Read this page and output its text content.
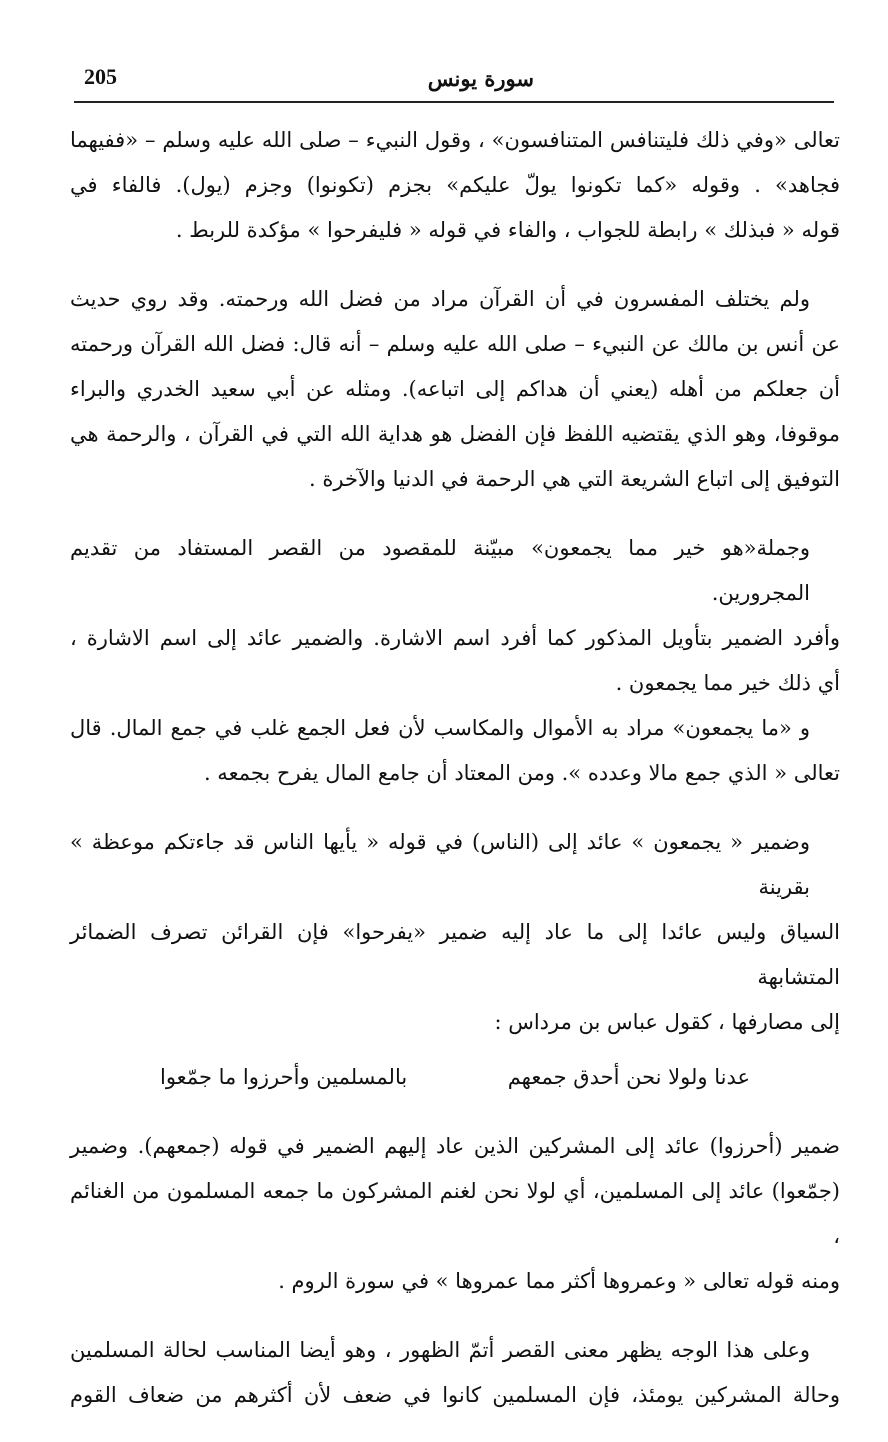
205	سورة يونس

تعالى «وفي ذلك فليتنافس المتنافسون» ، وقول النبيء – صلى الله عليه وسلم – «ففيهما
فجاهد» . وقوله «كما تكونوا يولّ عليكم» بجزم (تكونوا) وجزم (يول). فالفاء في
قوله « فبذلك » رابطة للجواب ، والفاء في قوله « فليفرحوا » مؤكدة للربط .

ولم يختلف المفسرون في أن القرآن مراد من فضل الله ورحمته. وقد روي حديث
عن أنس بن مالك عن النبيء – صلى الله عليه وسلم – أنه قال: فضل الله القرآن ورحمته
أن جعلكم من أهله (يعني أن هداكم إلى اتباعه). ومثله عن أبي سعيد الخدري والبراء
موقوفا، وهو الذي يقتضيه اللفظ فإن الفضل هو هداية الله التي في القرآن ، والرحمة هي
التوفيق إلى اتباع الشريعة التي هي الرحمة في الدنيا والآخرة .

وجملة«هو خير مما يجمعون» مبيّنة للمقصود من القصر المستفاد من تقديم المجرورين.
وأفرد الضمير بتأويل المذكور كما أفرد اسم الاشارة. والضمير عائد إلى اسم الاشارة ،
أي ذلك خير مما يجمعون .

و «ما يجمعون» مراد به الأموال والمكاسب لأن فعل الجمع غلب في جمع المال. قال
تعالى « الذي جمع مالا وعدده ». ومن المعتاد أن جامع المال يفرح بجمعه .

وضمير « يجمعون » عائد إلى (الناس) في قوله « يأيها الناس قد جاءتكم موعظة » بقرينة
السياق وليس عائدا إلى ما عاد إليه ضمير «يفرحوا» فإن القرائن تصرف الضمائر المتشابهة
إلى مصارفها ، كقول عباس بن مرداس :

عدنا ولولا نحن أحدق جمعهم
بالمسلمين وأحرزوا ما جمّعوا

ضمير (أحرزوا) عائد إلى المشركين الذين عاد إليهم الضمير في قوله (جمعهم). وضمير
(جمّعوا) عائد إلى المسلمين، أي لولا نحن لغنم المشركون ما جمعه المسلمون من الغنائم ،
ومنه قوله تعالى « وعمروها أكثر مما عمروها » في سورة الروم .

وعلى هذا الوجه يظهر معنى القصر أتمّ الظهور ، وهو أيضا المناسب لحالة المسلمين
وحالة المشركين يومئذ، فإن المسلمين كانوا في ضعف لأن أكثرهم من ضعاف القوم
